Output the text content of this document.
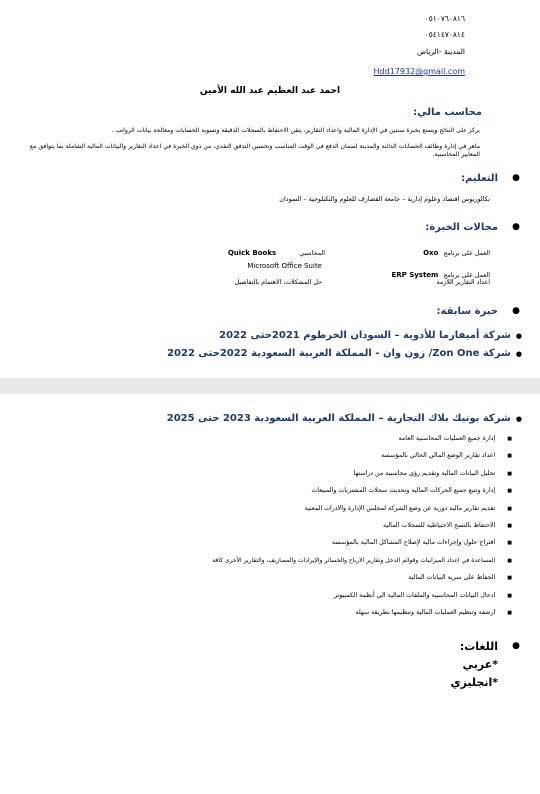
٠٥١٠٧٦٠٨١٦
٠٥٤١٤٧٠٨١٤
المدينة -الرياض
Hdd17932@gmail.com
احمد عبد العظيم عبد الله الأمين
محاسب مالي:
يركز على النتائج ويتمتع بخبرة سنتين في الإدارة المالية واعداد التقارير، يتقن الاحتفاظ بالسجلات الدقيقة وتسوية الحسابات ومعالجة بيانات الرواتب .
ماهر في إدارة وظائف الحسابات الدائنة والمدينة لضمان الدفع في الوقت المناسب وتحسين التدفق النقدي، من ذوي الخبرة في اعداد التقارير والبيانات المالية الشاملة بما يتوافق مع المعايير المحاسبية.
●
التعليم:
بكالوريوس اقتصاد وعلوم إدارية – جامعة القضارف للعلوم والتكنلوجية – السودان
●
مجالات الخبرة:
العمل على برنامج Oxo
العمل على برنامج ERP System
اعداد التقارير اللازمة
المحاسبي Quick Books
Microsoft Office Suite
حل المشكلات، الاهتمام بالتفاصيل
●
خبرة سابقة:
● شركة أميفارما للأدوية – السودان الخرطوم 2021حتى 2022
● شركة Zon One/ زون وان - المملكة العربية السعودية 2022حتى 2022
● شركة بوتيك بلاك التجارية – المملكة العربية السعودية 2023 حتى 2025
■إدارة جميع العمليات المحاسبية العامة
■اعداد تقارير الوضع المالي الحالي بالمؤسسة
■تحليل البيانات المالية وتقديم رؤى محاسبية من دراستها
■إدارة وتتبع جميع الحركات المالية وتحديث سجلات المشتريات والمبيعات
■تقديم تقارير مالية دورية عن وضع الشركة لمجلس الإدارة والادرات المعنية
■الاحتفاظ بالنسخ الاحتياطية للسجلات المالية
■اقتراح حلول وإجراءات مالية لإصلاح المشاكل المالية بالمؤسسة
■المساعدة في اعداد الميزانيات وقوائم الدخل وتقارير الارباح والخسائر والإيرادات والمصاريف، والتقارير الأخرى كافة
■الحفاظ على سرية البيانات المالية
■ادخال البيانات المحاسبية والملفات المالية الى أنظمة الكمبيوتر
■ارشفة وتنظيم العمليات المالية وتنظيمها بطريقة سهلة
●
اللغات:
*عربي
*انجليزي
